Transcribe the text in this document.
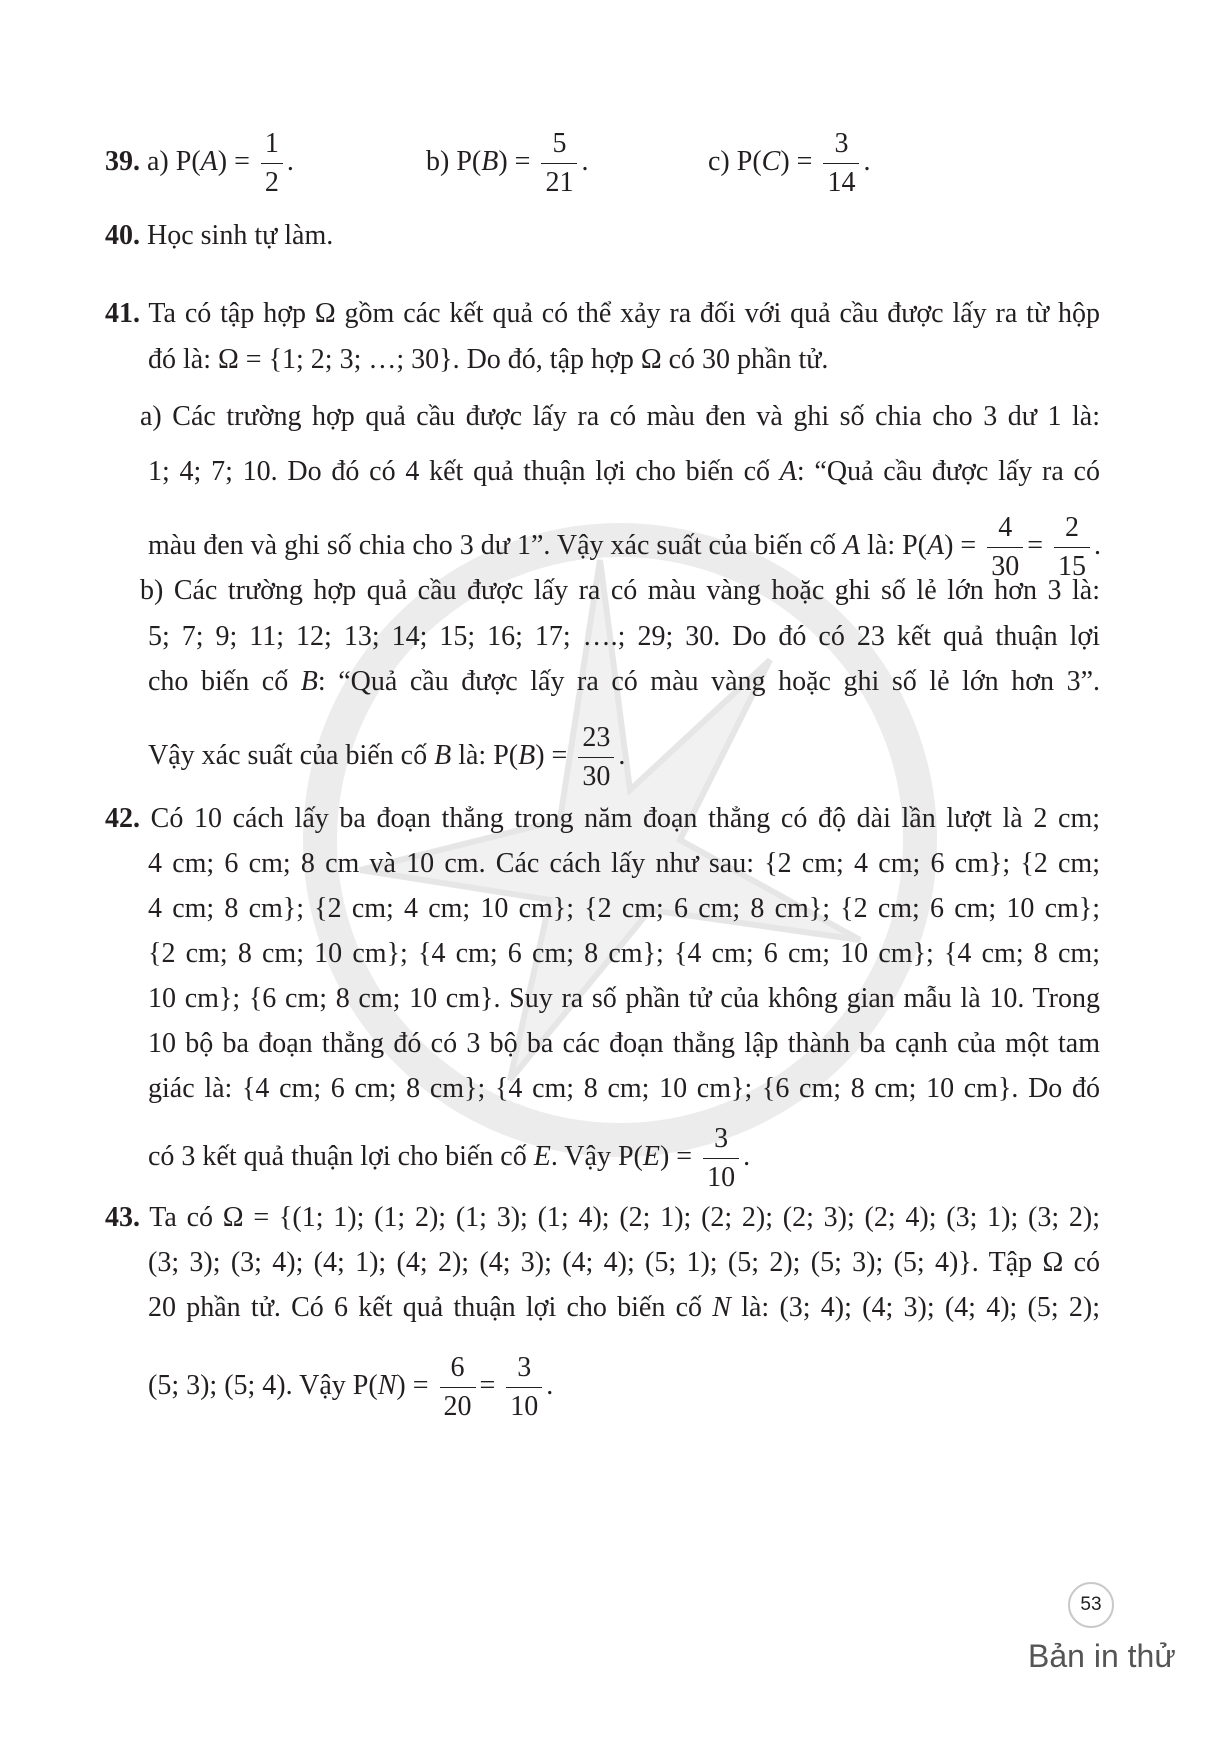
39. a) $P(A) = \frac{1}{2}$ .	b) $P(B) = \frac{5}{21}$ .	c) $P(C) = \frac{3}{14}$ .
40. Học sinh tự làm.
41. Ta có tập hợp Ω gồm các kết quả có thể xảy ra đối với quả cầu được lấy ra từ hộp
đó là: Ω = {1; 2; 3; …; 30}. Do đó, tập hợp Ω có 30 phần tử.
a) Các trường hợp quả cầu được lấy ra có màu đen và ghi số chia cho 3 dư 1 là:
1; 4; 7; 10. Do đó có 4 kết quả thuận lợi cho biến cố A: “Quả cầu được lấy ra có
màu đen và ghi số chia cho 3 dư 1”. Vậy xác suất của biến cố A là: $P(A) = \frac{4}{30} = \frac{2}{15}$ .
b) Các trường hợp quả cầu được lấy ra có màu vàng hoặc ghi số lẻ lớn hơn 3 là:
5; 7; 9; 11; 12; 13; 14; 15; 16; 17; ….; 29; 30. Do đó có 23 kết quả thuận lợi
cho biến cố B: “Quả cầu được lấy ra có màu vàng hoặc ghi số lẻ lớn hơn 3”.
Vậy xác suất của biến cố B là: $P(B) = \frac{23}{30}$ .
42. Có 10 cách lấy ba đoạn thẳng trong năm đoạn thẳng có độ dài lần lượt là 2 cm;
4 cm; 6 cm; 8 cm và 10 cm. Các cách lấy như sau: {2 cm; 4 cm; 6 cm}; {2 cm;
4 cm; 8 cm}; {2 cm; 4 cm; 10 cm}; {2 cm; 6 cm; 8 cm}; {2 cm; 6 cm; 10 cm};
{2 cm; 8 cm; 10 cm}; {4 cm; 6 cm; 8 cm}; {4 cm; 6 cm; 10 cm}; {4 cm; 8 cm;
10 cm}; {6 cm; 8 cm; 10 cm}. Suy ra số phần tử của không gian mẫu là 10. Trong
10 bộ ba đoạn thẳng đó có 3 bộ ba các đoạn thẳng lập thành ba cạnh của một tam
giác là: {4 cm; 6 cm; 8 cm}; {4 cm; 8 cm; 10 cm}; {6 cm; 8 cm; 10 cm}. Do đó
có 3 kết quả thuận lợi cho biến cố E. Vậy $P(E) = \frac{3}{10}$ .
43. Ta có Ω = {(1; 1); (1; 2); (1; 3); (1; 4); (2; 1); (2; 2); (2; 3); (2; 4); (3; 1); (3; 2);
(3; 3); (3; 4); (4; 1); (4; 2); (4; 3); (4; 4); (5; 1); (5; 2); (5; 3); (5; 4)}. Tập Ω có
20 phần tử. Có 6 kết quả thuận lợi cho biến cố N là: (3; 4); (4; 3); (4; 4); (5; 2);
(5; 3); (5; 4). Vậy $P(N) = \frac{6}{20} = \frac{3}{10}$ .
53
Bản in thử
